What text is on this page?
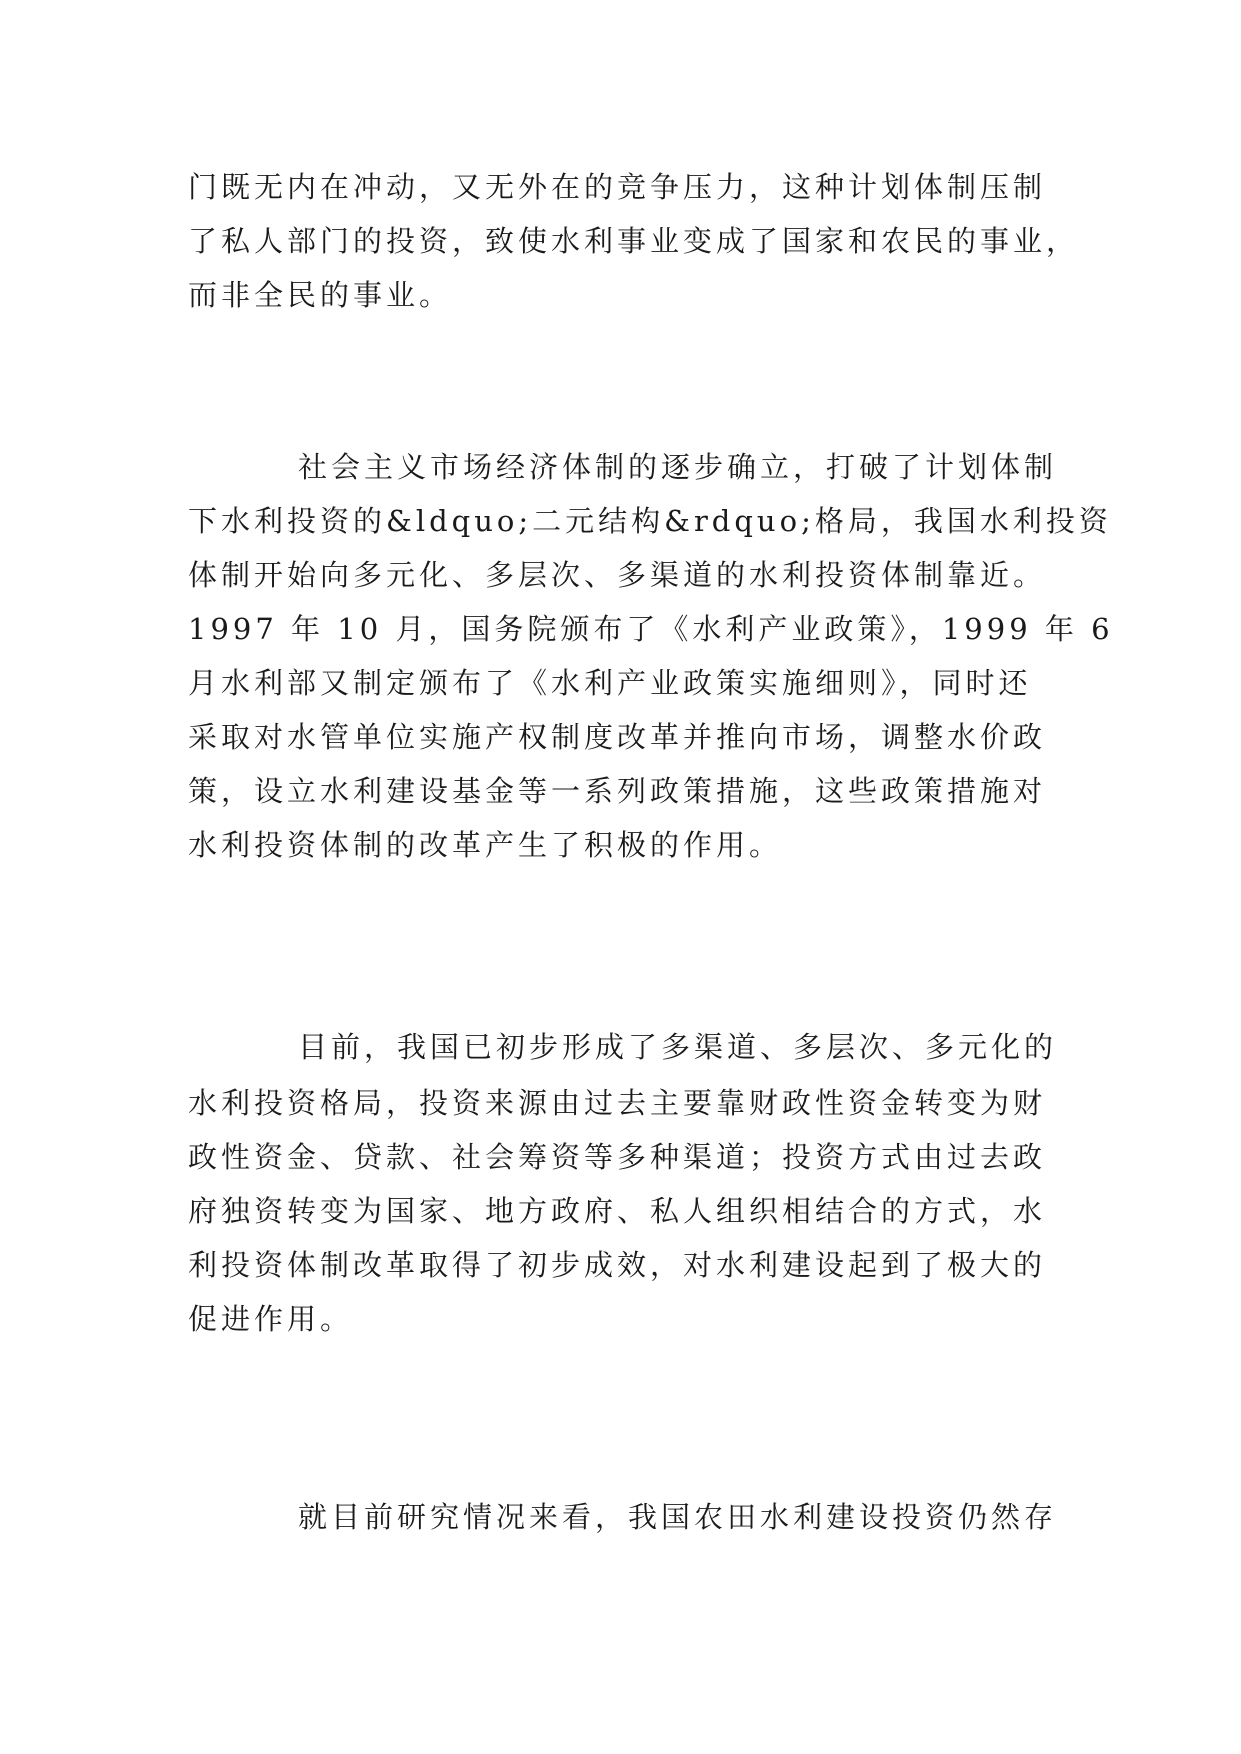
门既无内在冲动，又无外在的竞争压力，这种计划体制压制
了私人部门的投资，致使水利事业变成了国家和农民的事业，
而非全民的事业。
社会主义市场经济体制的逐步确立，打破了计划体制
下水利投资的&ldquo;二元结构&rdquo;格局，我国水利投资
体制开始向多元化、多层次、多渠道的水利投资体制靠近。
1997 年 10 月，国务院颁布了《水利产业政策》，1999 年 6
月水利部又制定颁布了《水利产业政策实施细则》，同时还
采取对水管单位实施产权制度改革并推向市场，调整水价政
策，设立水利建设基金等一系列政策措施，这些政策措施对
水利投资体制的改革产生了积极的作用。
目前，我国已初步形成了多渠道、多层次、多元化的
水利投资格局，投资来源由过去主要靠财政性资金转变为财
政性资金、贷款、社会筹资等多种渠道；投资方式由过去政
府独资转变为国家、地方政府、私人组织相结合的方式，水
利投资体制改革取得了初步成效，对水利建设起到了极大的
促进作用。
就目前研究情况来看，我国农田水利建设投资仍然存
